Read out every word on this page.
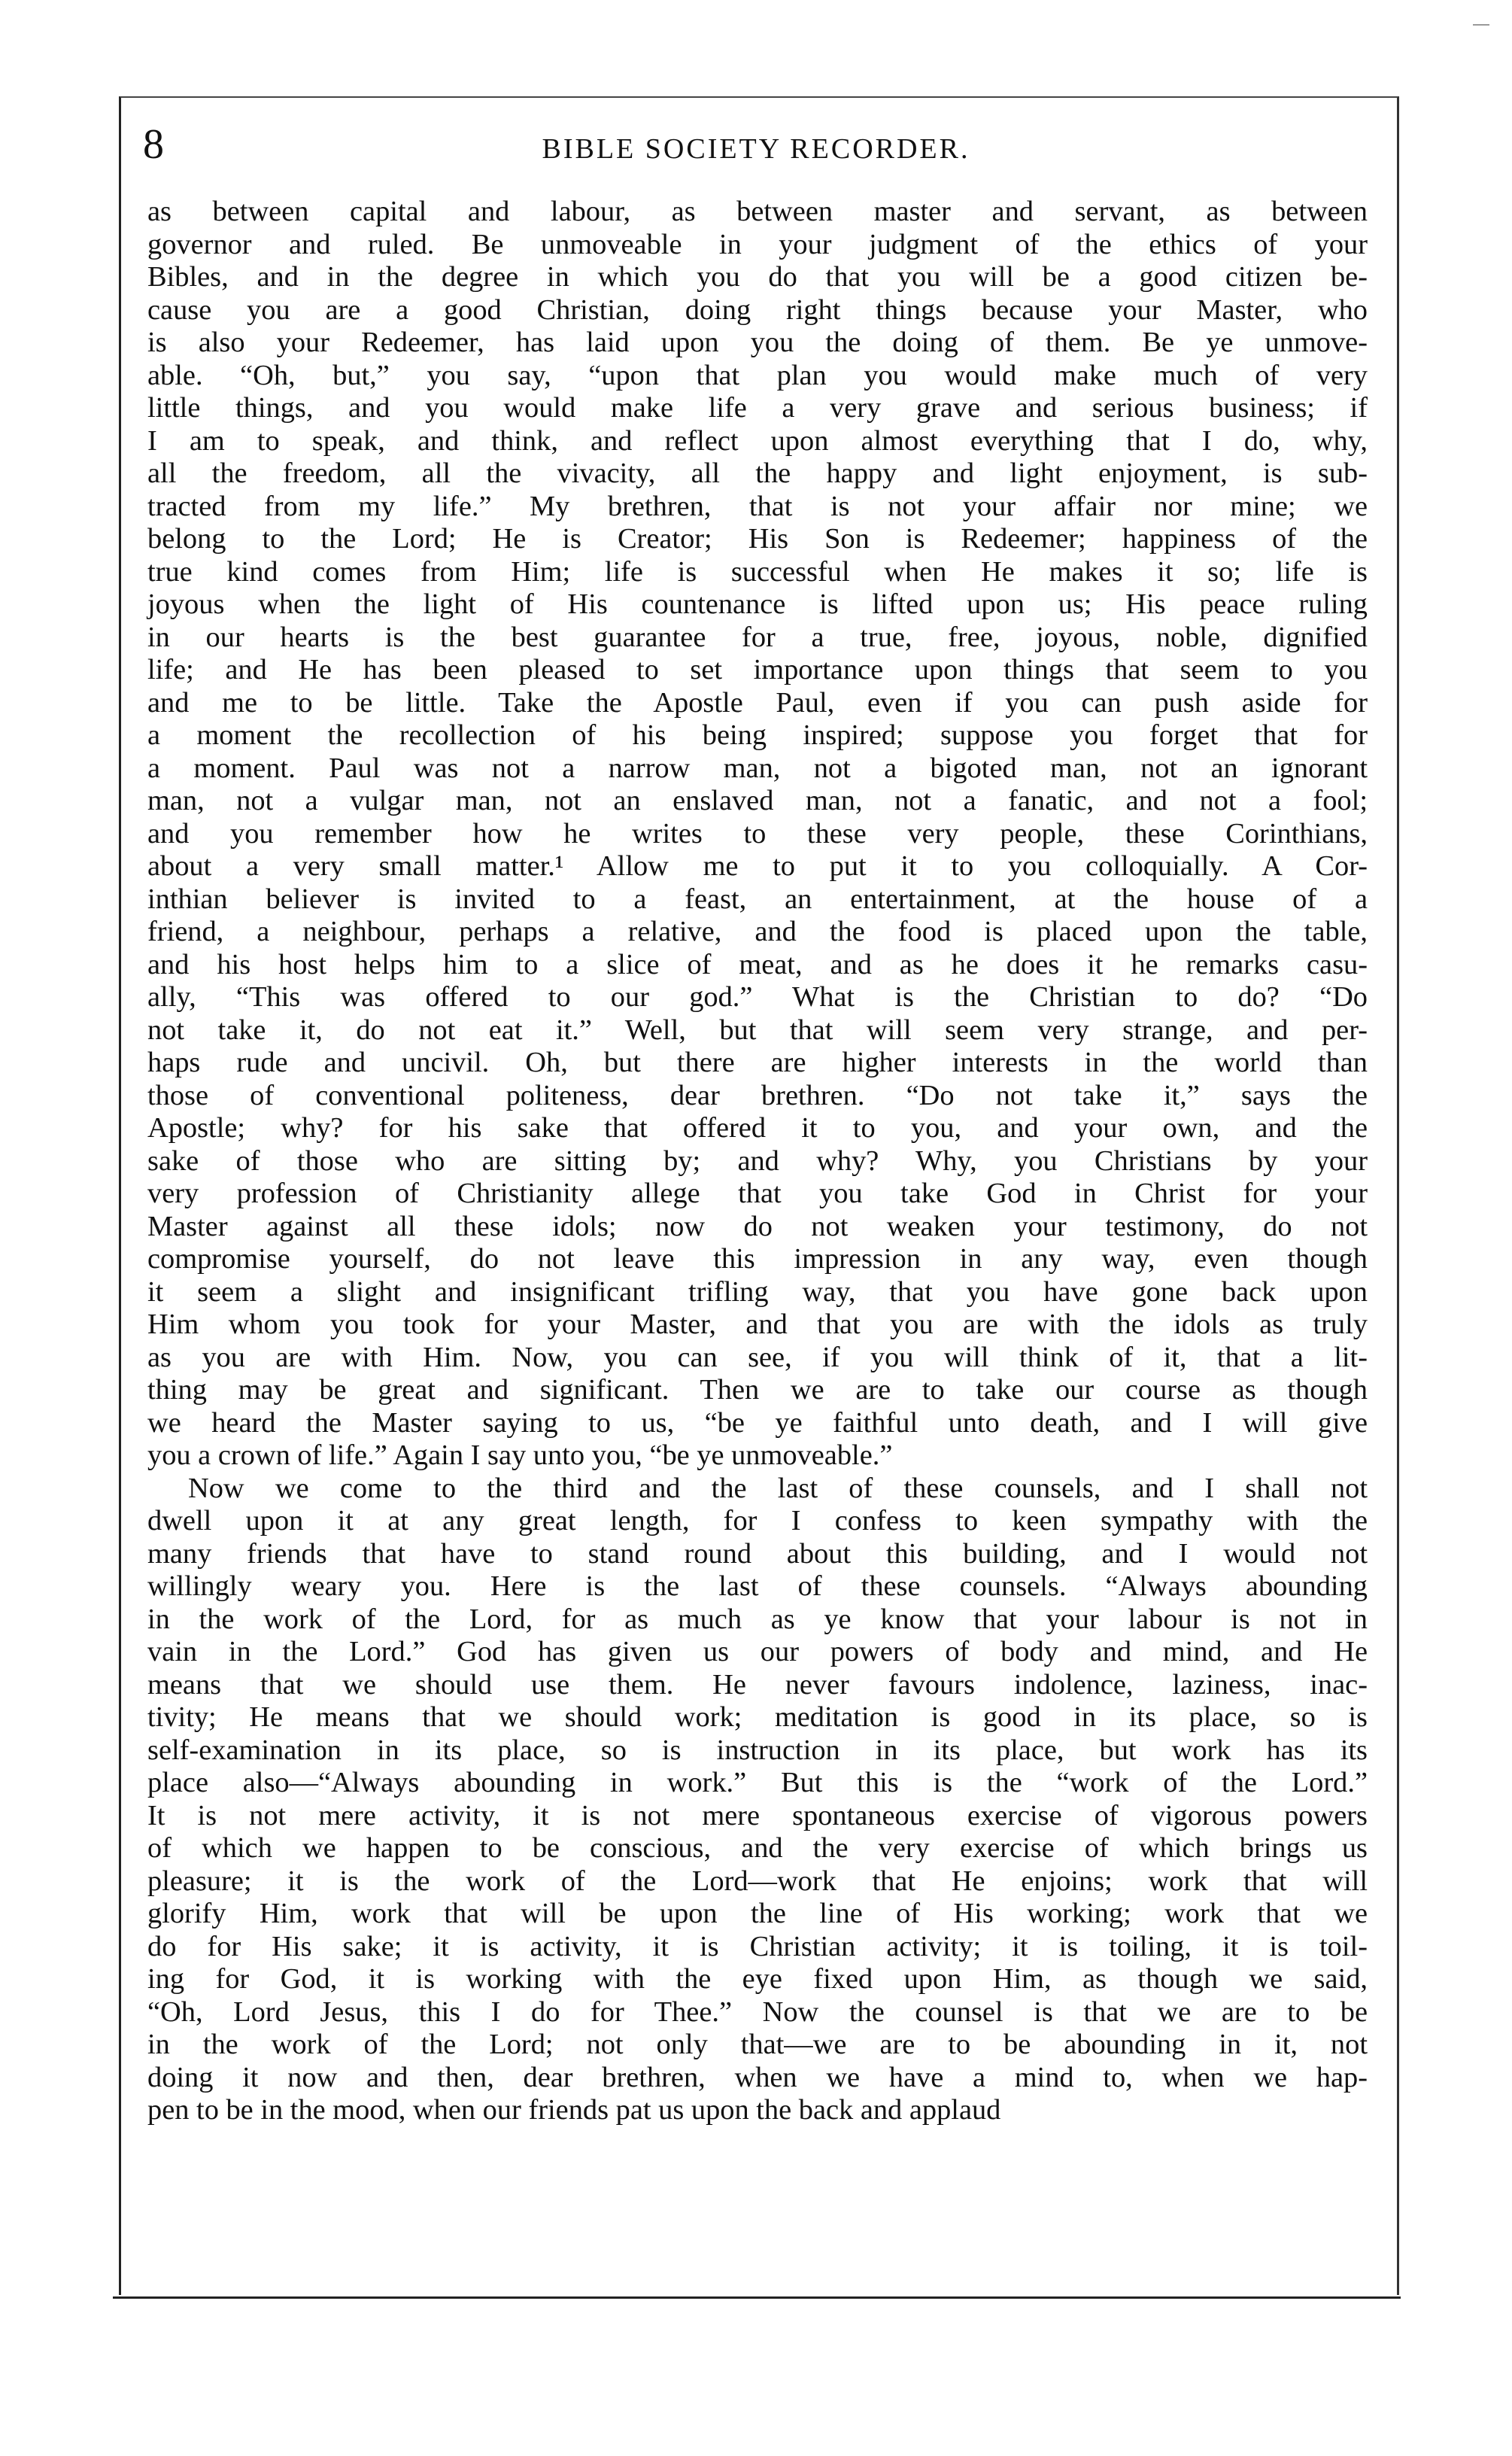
8	BIBLE SOCIETY RECORDER.
as between capital and labour, as between master and servant, as between
governor and ruled. Be unmoveable in your judgment of the ethics of your
Bibles, and in the degree in which you do that you will be a good citizen be-
cause you are a good Christian, doing right things because your Master, who
is also your Redeemer, has laid upon you the doing of them. Be ye unmove-
able. “Oh, but,” you say, “upon that plan you would make much of very
little things, and you would make life a very grave and serious business; if
I am to speak, and think, and reflect upon almost everything that I do, why,
all the freedom, all the vivacity, all the happy and light enjoyment, is sub-
tracted from my life.” My brethren, that is not your affair nor mine; we
belong to the Lord; He is Creator; His Son is Redeemer; happiness of the
true kind comes from Him; life is successful when He makes it so; life is
joyous when the light of His countenance is lifted upon us; His peace ruling
in our hearts is the best guarantee for a true, free, joyous, noble, dignified
life; and He has been pleased to set importance upon things that seem to you
and me to be little. Take the Apostle Paul, even if you can push aside for
a moment the recollection of his being inspired; suppose you forget that for
a moment. Paul was not a narrow man, not a bigoted man, not an ignorant
man, not a vulgar man, not an enslaved man, not a fanatic, and not a fool;
and you remember how he writes to these very people, these Corinthians,
about a very small matter.¹ Allow me to put it to you colloquially. A Cor-
inthian believer is invited to a feast, an entertainment, at the house of a
friend, a neighbour, perhaps a relative, and the food is placed upon the table,
and his host helps him to a slice of meat, and as he does it he remarks casu-
ally, “This was offered to our god.” What is the Christian to do? “Do
not take it, do not eat it.” Well, but that will seem very strange, and per-
haps rude and uncivil. Oh, but there are higher interests in the world than
those of conventional politeness, dear brethren. “Do not take it,” says the
Apostle; why? for his sake that offered it to you, and your own, and the
sake of those who are sitting by; and why? Why, you Christians by your
very profession of Christianity allege that you take God in Christ for your
Master against all these idols; now do not weaken your testimony, do not
compromise yourself, do not leave this impression in any way, even though
it seem a slight and insignificant trifling way, that you have gone back upon
Him whom you took for your Master, and that you are with the idols as truly
as you are with Him. Now, you can see, if you will think of it, that a lit-
thing may be great and significant. Then we are to take our course as though
we heard the Master saying to us, “be ye faithful unto death, and I will give
you a crown of life.” Again I say unto you, “be ye unmoveable.”
Now we come to the third and the last of these counsels, and I shall not
dwell upon it at any great length, for I confess to keen sympathy with the
many friends that have to stand round about this building, and I would not
willingly weary you. Here is the last of these counsels. “Always abounding
in the work of the Lord, for as much as ye know that your labour is not in
vain in the Lord.” God has given us our powers of body and mind, and He
means that we should use them. He never favours indolence, laziness, inac-
tivity; He means that we should work; meditation is good in its place, so is
self-examination in its place, so is instruction in its place, but work has its
place also—“Always abounding in work.” But this is the “work of the Lord.”
It is not mere activity, it is not mere spontaneous exercise of vigorous powers
of which we happen to be conscious, and the very exercise of which brings us
pleasure; it is the work of the Lord—work that He enjoins; work that will
glorify Him, work that will be upon the line of His working; work that we
do for His sake; it is activity, it is Christian activity; it is toiling, it is toil-
ing for God, it is working with the eye fixed upon Him, as though we said,
“Oh, Lord Jesus, this I do for Thee.” Now the counsel is that we are to be
in the work of the Lord; not only that—we are to be abounding in it, not
doing it now and then, dear brethren, when we have a mind to, when we hap-
pen to be in the mood, when our friends pat us upon the back and applaud
